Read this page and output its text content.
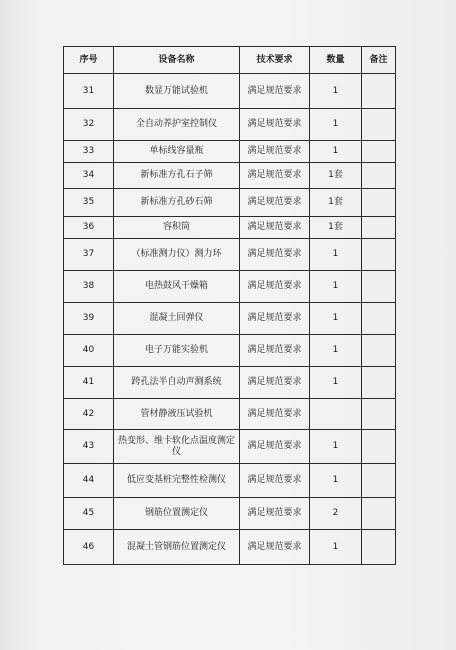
序号	设备名称	技术要求	数量	备注
31	数显万能试验机	满足规范要求	1	
32	全自动养护室控制仪	满足规范要求	1	
33	单标线容量瓶	满足规范要求	1	
34	新标准方孔石子筛	满足规范要求	1套	
35	新标准方孔砂石筛	满足规范要求	1套	
36	容积筒	满足规范要求	1套	
37	（标准测力仪）测力环	满足规范要求	1	
38	电热鼓风干燥箱	满足规范要求	1	
39	混凝土回弹仪	满足规范要求	1	
40	电子万能实验机	满足规范要求	1	
41	跨孔法半自动声测系统	满足规范要求	1	
42	管材静液压试验机	满足规范要求		
43	热变形、维卡软化点温度测定仪	满足规范要求	1	
44	低应变基桩完整性检测仪	满足规范要求	1	
45	钢筋位置测定仪	满足规范要求	2	
46	混凝土管钢筋位置测定仪	满足规范要求	1	
